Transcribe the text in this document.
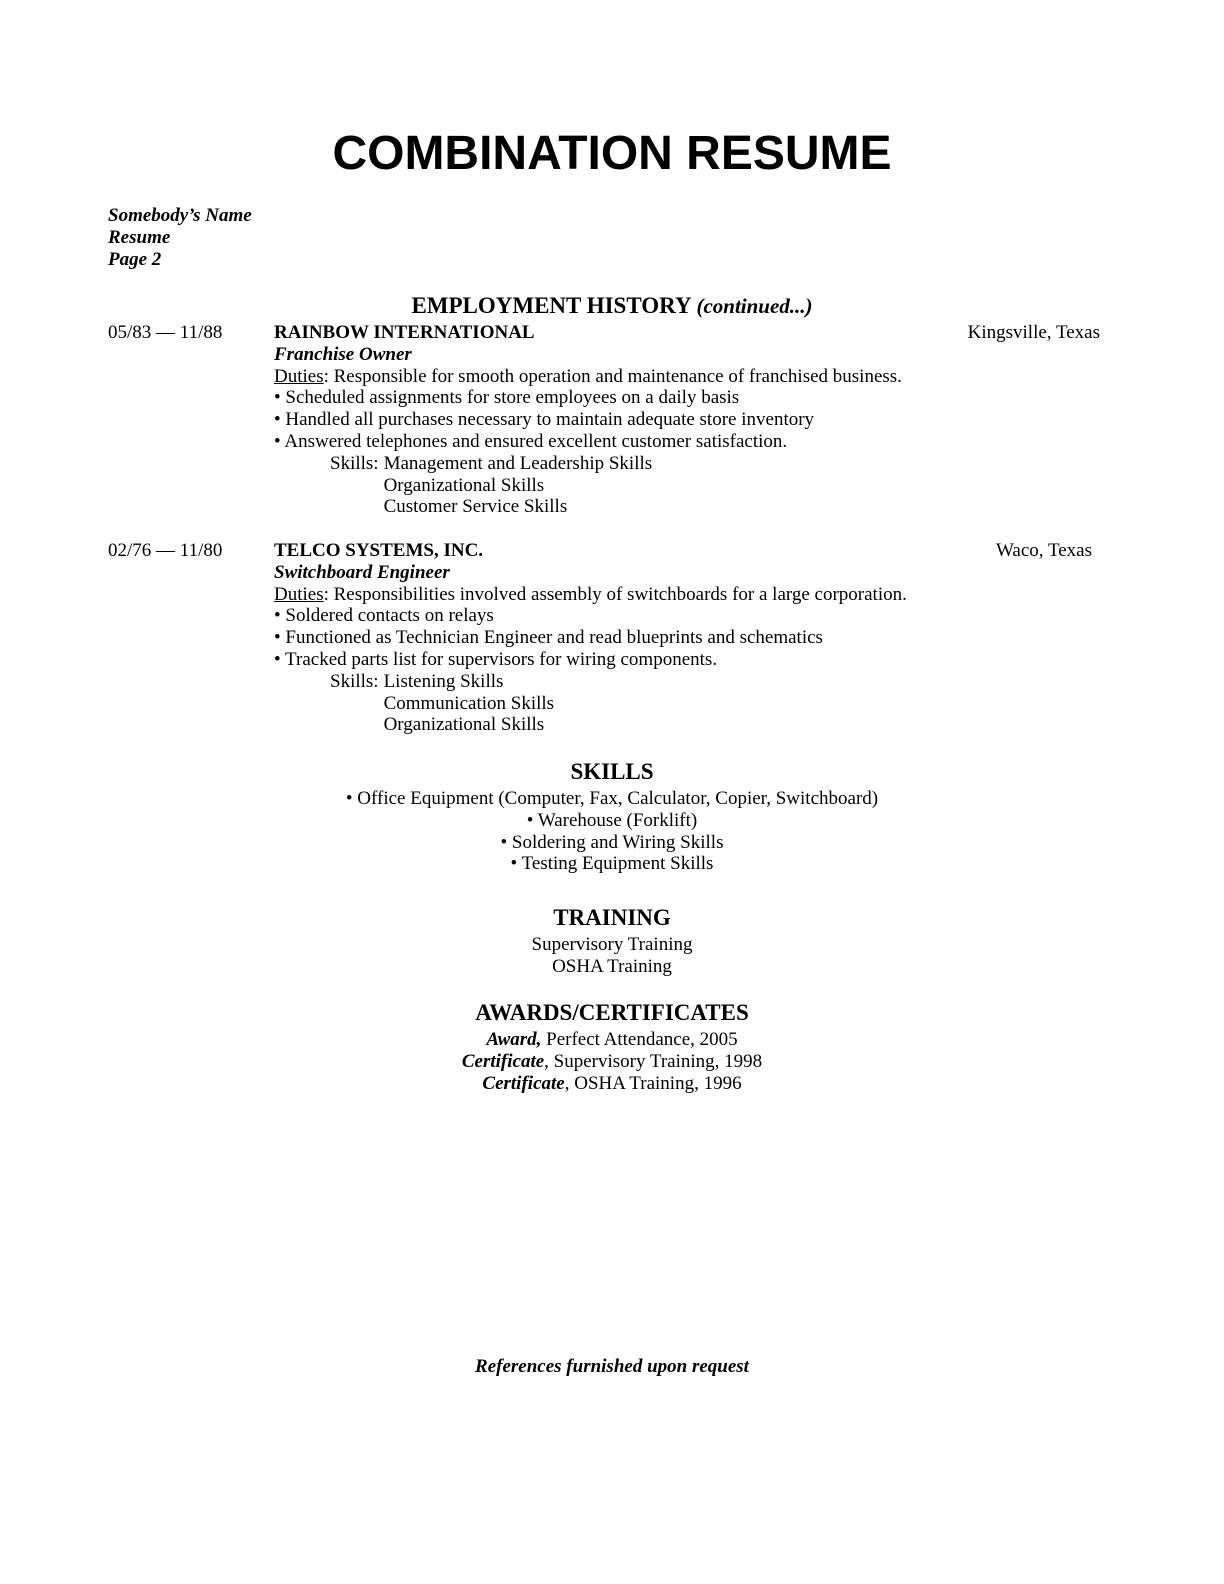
COMBINATION RESUME
Somebody’s Name
Resume
Page 2
EMPLOYMENT HISTORY (continued...)
05/83 — 11/88	Kingsville, Texas
RAINBOW INTERNATIONAL
Franchise Owner
Duties: Responsible for smooth operation and maintenance of franchised business.
• Scheduled assignments for store employees on a daily basis
• Handled all purchases necessary to maintain adequate store inventory
• Answered telephones and ensured excellent customer satisfaction.
Skills: Management and Leadership Skills
Organizational Skills
Customer Service Skills
02/76 — 11/80	Waco, Texas
TELCO SYSTEMS, INC.
Switchboard Engineer
Duties: Responsibilities involved assembly of switchboards for a large corporation.
• Soldered contacts on relays
• Functioned as Technician Engineer and read blueprints and schematics
• Tracked parts list for supervisors for wiring components.
Skills: Listening Skills
Communication Skills
Organizational Skills
SKILLS
• Office Equipment (Computer, Fax, Calculator, Copier, Switchboard)
• Warehouse (Forklift)
• Soldering and Wiring Skills
• Testing Equipment Skills
TRAINING
Supervisory Training
OSHA Training
AWARDS/CERTIFICATES
Award, Perfect Attendance, 2005
Certificate, Supervisory Training, 1998
Certificate, OSHA Training, 1996
References furnished upon request
